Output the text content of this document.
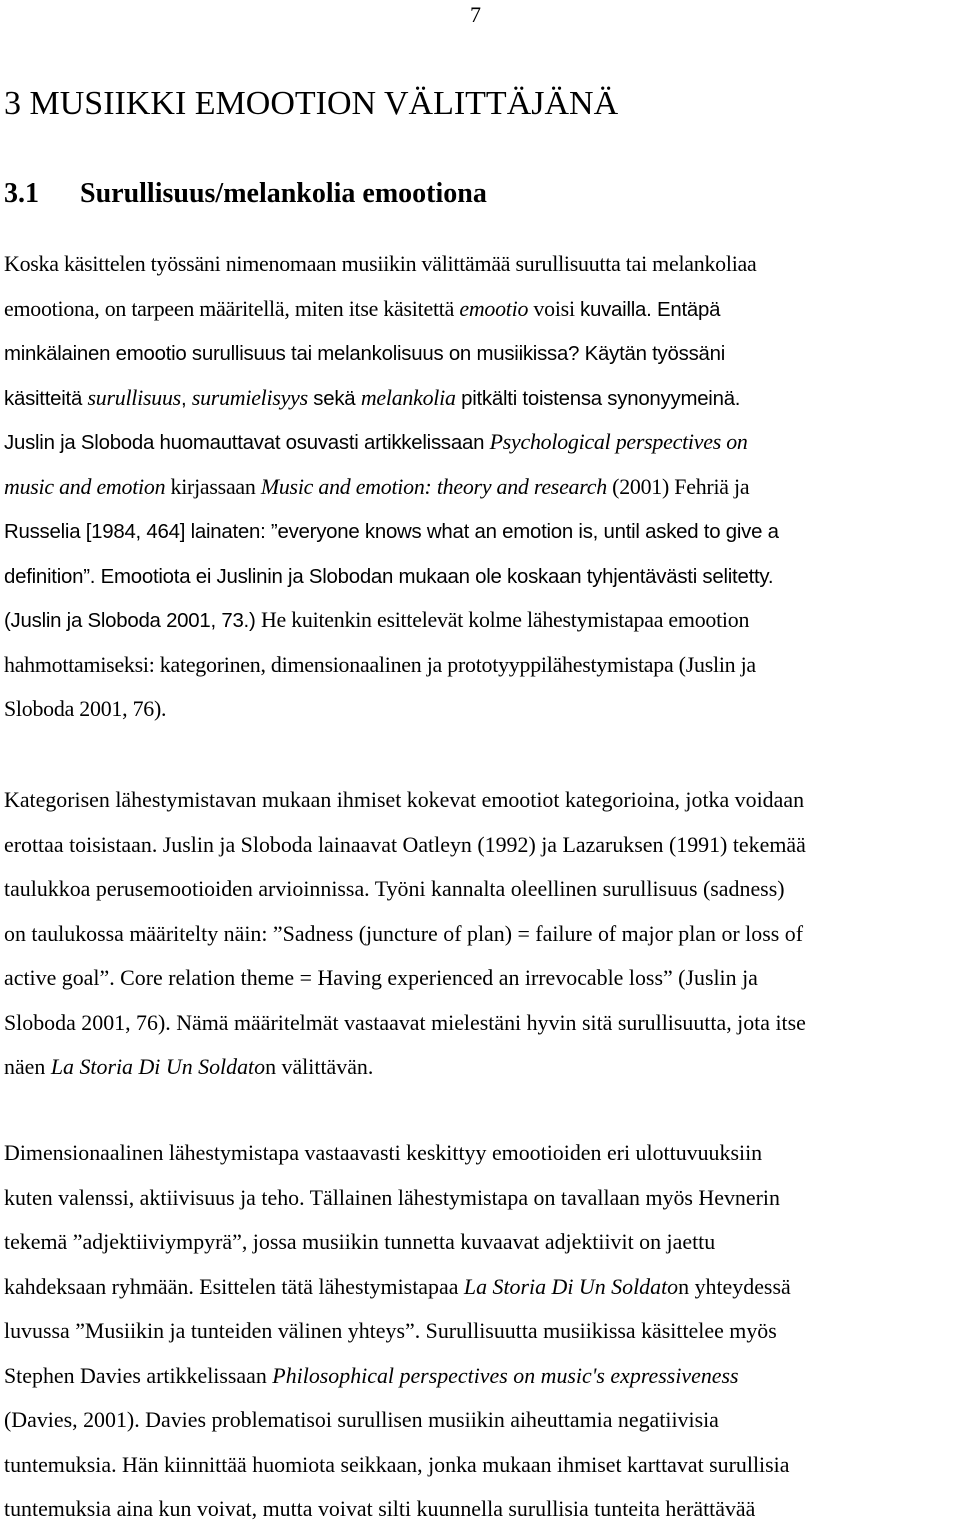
7
3 MUSIIKKI EMOOTION VÄLITTÄJÄNÄ
3.1 Surullisuus/melankolia emootiona

Koska käsittelen työssäni nimenomaan musiikin välittämää surullisuutta tai melankoliaa
emootiona, on tarpeen määritellä, miten itse käsitettä emootio voisi kuvailla. Entäpä
minkälainen emootio surullisuus tai melankolisuus on musiikissa? Käytän työssäni
käsitteitä surullisuus, surumielisyys sekä melankolia pitkälti toistensa synonyymeinä.
Juslin ja Sloboda huomauttavat osuvasti artikkelissaan Psychological perspectives on
music and emotion kirjassaan Music and emotion: theory and research (2001) Fehriä ja
Russelia [1984, 464] lainaten: ”everyone knows what an emotion is, until asked to give a
definition”. Emootiota ei Juslinin ja Slobodan mukaan ole koskaan tyhjentävästi selitetty.
(Juslin ja Sloboda 2001, 73.) He kuitenkin esittelevät kolme lähestymistapaa emootion
hahmottamiseksi: kategorinen, dimensionaalinen ja prototyyppilähestymistapa (Juslin ja
Sloboda 2001, 76).

Kategorisen lähestymistavan mukaan ihmiset kokevat emootiot kategorioina, jotka voidaan
erottaa toisistaan. Juslin ja Sloboda lainaavat Oatleyn (1992) ja Lazaruksen (1991) tekemää
taulukkoa perusemootioiden arvioinnissa. Työni kannalta oleellinen surullisuus (sadness)
on taulukossa määritelty näin: ”Sadness (juncture of plan) = failure of major plan or loss of
active goal”. Core relation theme = Having experienced an irrevocable loss” (Juslin ja
Sloboda 2001, 76). Nämä määritelmät vastaavat mielestäni hyvin sitä surullisuutta, jota itse
näen La Storia Di Un Soldaton välittävän.

Dimensionaalinen lähestymistapa vastaavasti keskittyy emootioiden eri ulottuvuuksiin
kuten valenssi, aktiivisuus ja teho. Tällainen lähestymistapa on tavallaan myös Hevnerin
tekemä ”adjektiiviympyrä”, jossa musiikin tunnetta kuvaavat adjektiivit on jaettu
kahdeksaan ryhmään. Esittelen tätä lähestymistapaa La Storia Di Un Soldaton yhteydessä
luvussa ”Musiikin ja tunteiden välinen yhteys”. Surullisuutta musiikissa käsittelee myös
Stephen Davies artikkelissaan Philosophical perspectives on music's expressiveness
(Davies, 2001). Davies problematisoi surullisen musiikin aiheuttamia negatiivisia
tuntemuksia. Hän kiinnittää huomiota seikkaan, jonka mukaan ihmiset karttavat surullisia
tuntemuksia aina kun voivat, mutta voivat silti kuunnella surullisia tunteita herättävää
